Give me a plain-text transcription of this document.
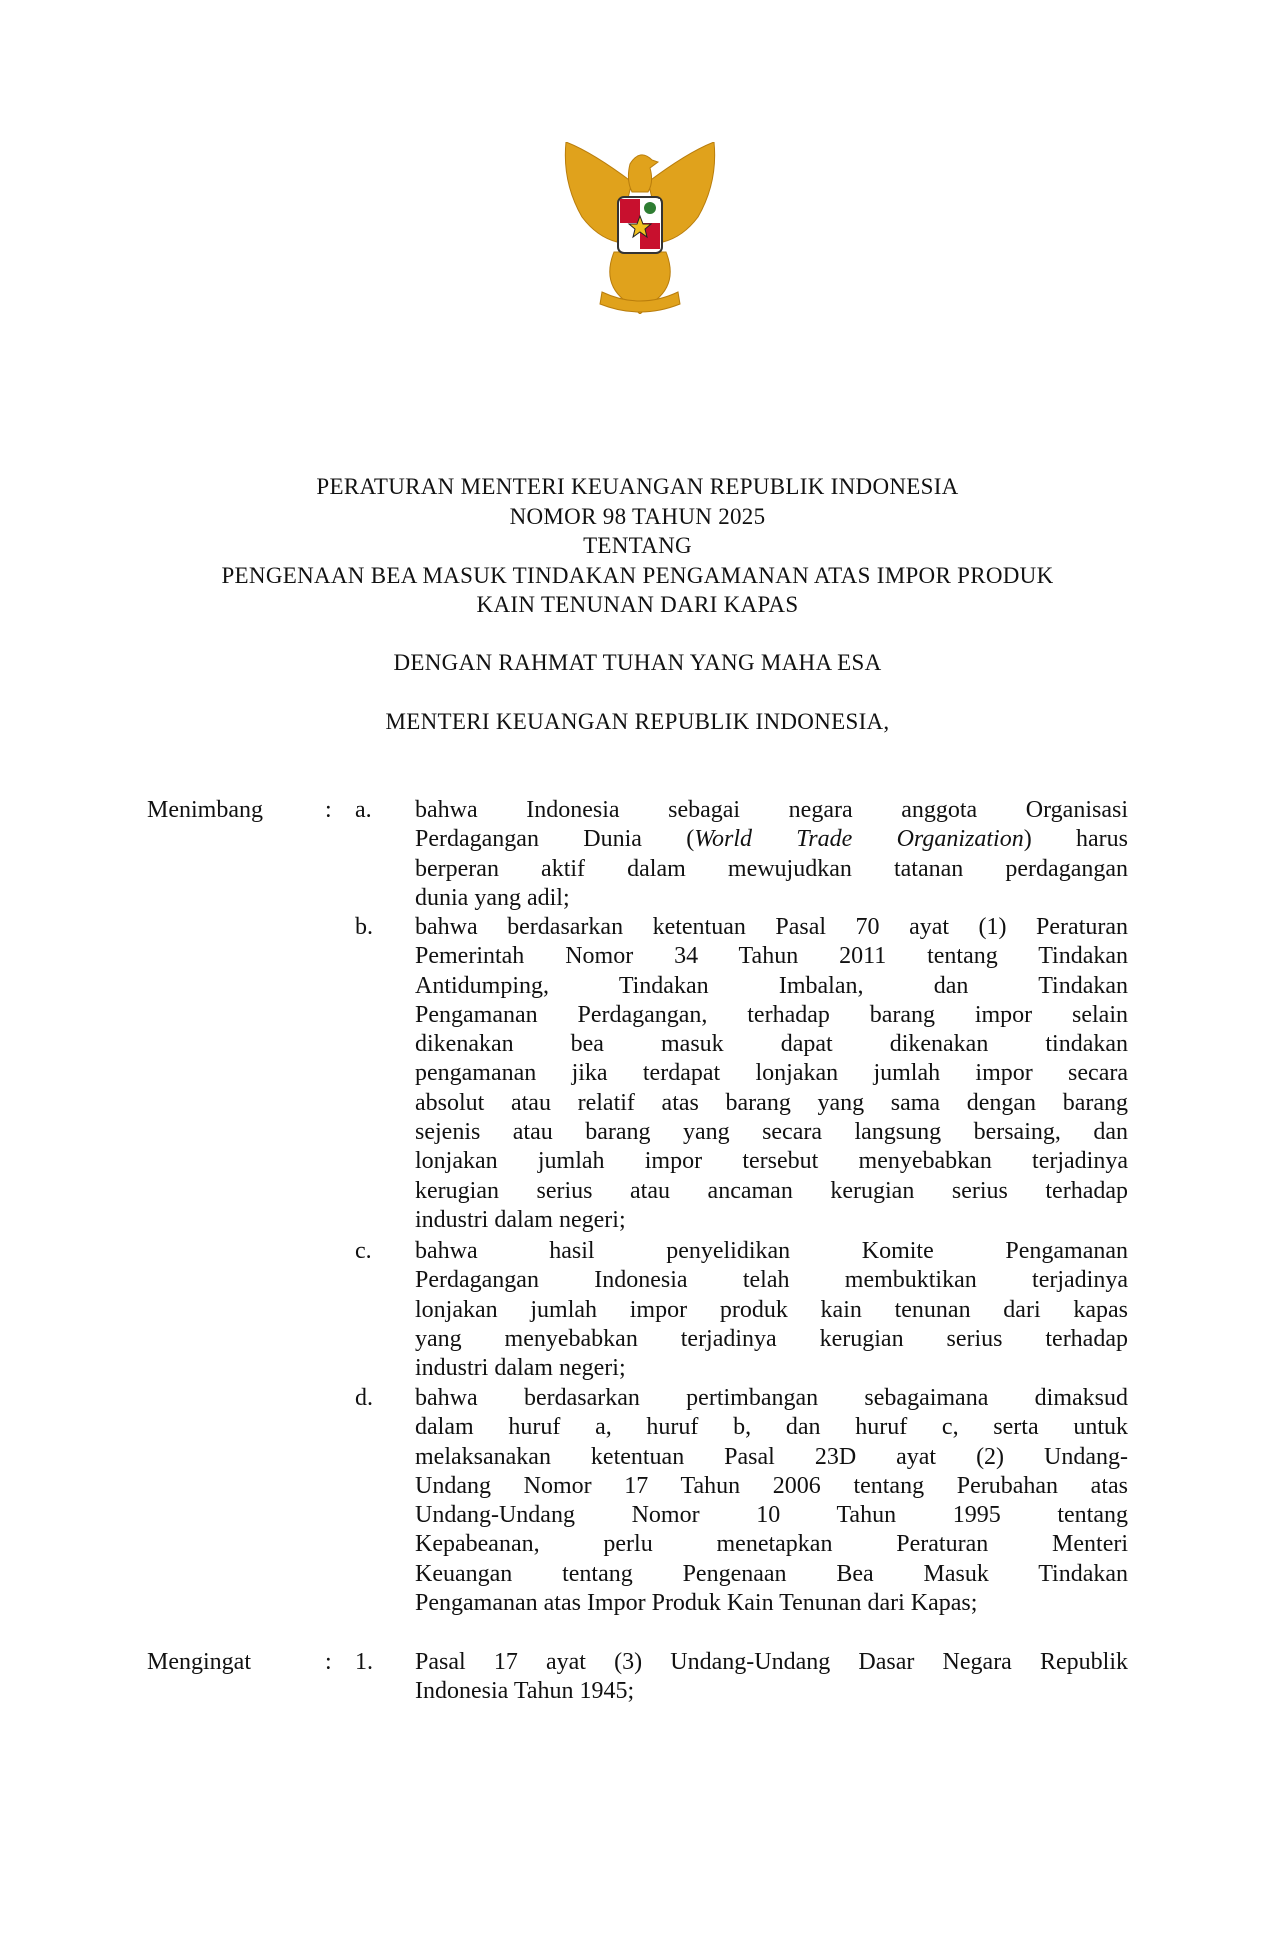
PERATURAN MENTERI KEUANGAN REPUBLIK INDONESIA
NOMOR 98 TAHUN 2025
TENTANG
PENGENAAN BEA MASUK TINDAKAN PENGAMANAN ATAS IMPOR PRODUK
KAIN TENUNAN DARI KAPAS
DENGAN RAHMAT TUHAN YANG MAHA ESA
MENTERI KEUANGAN REPUBLIK INDONESIA,
Menimbang	: a. bahwa Indonesia sebagai negara anggota Organisasi
Perdagangan Dunia (World Trade Organization) harus
berperan aktif dalam mewujudkan tatanan perdagangan
dunia yang adil;
b. bahwa berdasarkan ketentuan Pasal 70 ayat (1) Peraturan
Pemerintah Nomor 34 Tahun 2011 tentang Tindakan
Antidumping, Tindakan Imbalan, dan Tindakan
Pengamanan Perdagangan, terhadap barang impor selain
dikenakan bea masuk dapat dikenakan tindakan
pengamanan jika terdapat lonjakan jumlah impor secara
absolut atau relatif atas barang yang sama dengan barang
sejenis atau barang yang secara langsung bersaing, dan
lonjakan jumlah impor tersebut menyebabkan terjadinya
kerugian serius atau ancaman kerugian serius terhadap
industri dalam negeri;
c. bahwa hasil penyelidikan Komite Pengamanan
Perdagangan Indonesia telah membuktikan terjadinya
lonjakan jumlah impor produk kain tenunan dari kapas
yang menyebabkan terjadinya kerugian serius terhadap
industri dalam negeri;
d. bahwa berdasarkan pertimbangan sebagaimana dimaksud
dalam huruf a, huruf b, dan huruf c, serta untuk
melaksanakan ketentuan Pasal 23D ayat (2) Undang-
Undang Nomor 17 Tahun 2006 tentang Perubahan atas
Undang-Undang Nomor 10 Tahun 1995 tentang
Kepabeanan, perlu menetapkan Peraturan Menteri
Keuangan tentang Pengenaan Bea Masuk Tindakan
Pengamanan atas Impor Produk Kain Tenunan dari Kapas;
1. Pasal 17 ayat (3) Undang-Undang Dasar Negara Republik
Indonesia Tahun 1945;
Mengingat	:
